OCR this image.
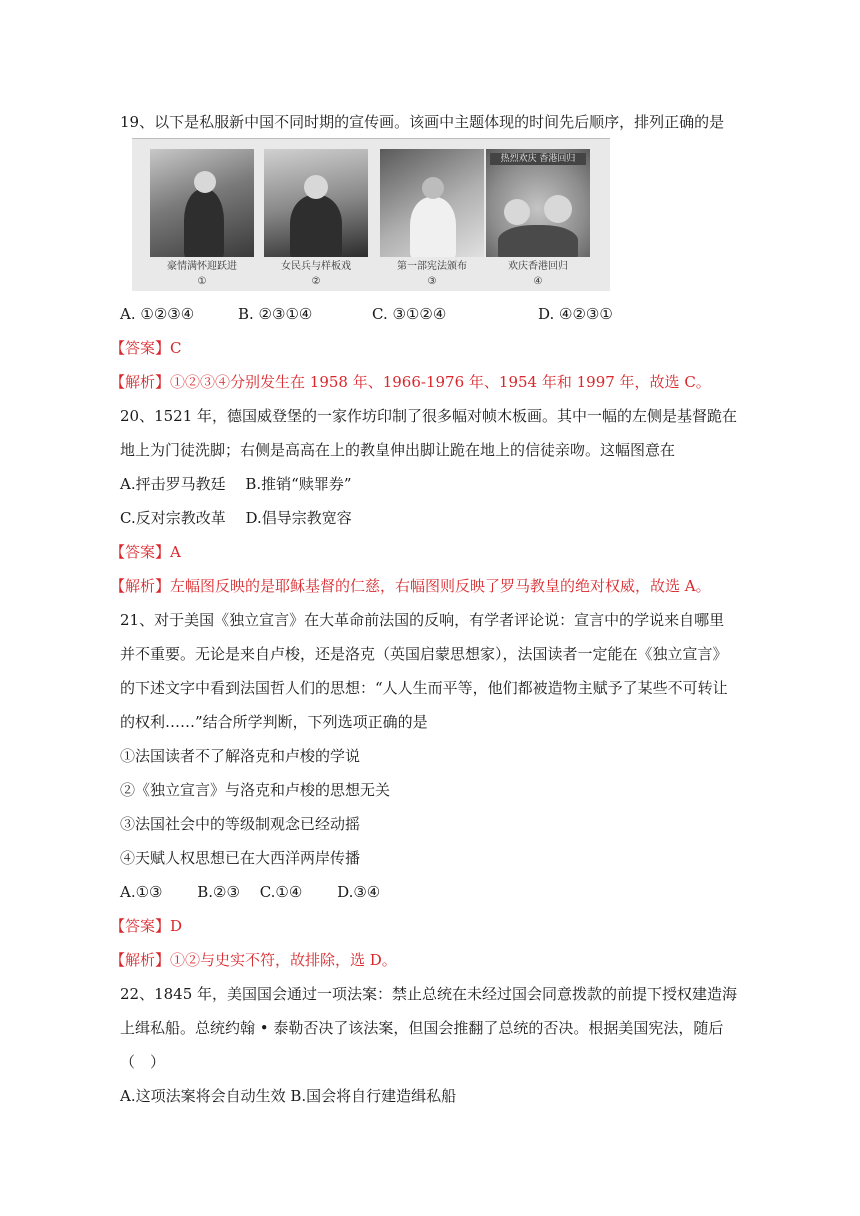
19、以下是私服新中国不同时期的宣传画。该画中主题体现的时间先后顺序，排列正确的是
豪情满怀迎跃进
①
女民兵与样板戏
②
第一部宪法颁布
③
热烈欢庆 香港回归
欢庆香港回归
④
A. ①②③④	B. ②③①④	C. ③①②④	D. ④②③①
【答案】C
【解析】①②③④分别发生在 1958 年、1966-1976 年、1954 年和 1997 年，故选 C。
20、1521 年，德国威登堡的一家作坊印制了很多幅对帧木板画。其中一幅的左侧是基督跪在
地上为门徒洗脚；右侧是高高在上的教皇伸出脚让跪在地上的信徒亲吻。这幅图意在
A.抨击罗马教廷　 B.推销“赎罪券”
C.反对宗教改革　 D.倡导宗教宽容
【答案】A
【解析】左幅图反映的是耶稣基督的仁慈，右幅图则反映了罗马教皇的绝对权威，故选 A。
21、对于美国《独立宣言》在大革命前法国的反响，有学者评论说：宣言中的学说来自哪里
并不重要。无论是来自卢梭，还是洛克（英国启蒙思想家），法国读者一定能在《独立宣言》
的下述文字中看到法国哲人们的思想：“人人生而平等，他们都被造物主赋予了某些不可转让
的权利……”结合所学判断，下列选项正确的是
①法国读者不了解洛克和卢梭的学说
②《独立宣言》与洛克和卢梭的思想无关
③法国社会中的等级制观念已经动摇
④天赋人权思想已在大西洋两岸传播
A.①③　　 B.②③　 C.①④　　 D.③④
【答案】D
【解析】①②与史实不符，故排除，选 D。
22、1845 年，美国国会通过一项法案：禁止总统在未经过国会同意拨款的前提下授权建造海
上缉私船。总统约翰 • 泰勒否决了该法案，但国会推翻了总统的否决。根据美国宪法，随后
（　）
A.这项法案将会自动生效 B.国会将自行建造缉私船
